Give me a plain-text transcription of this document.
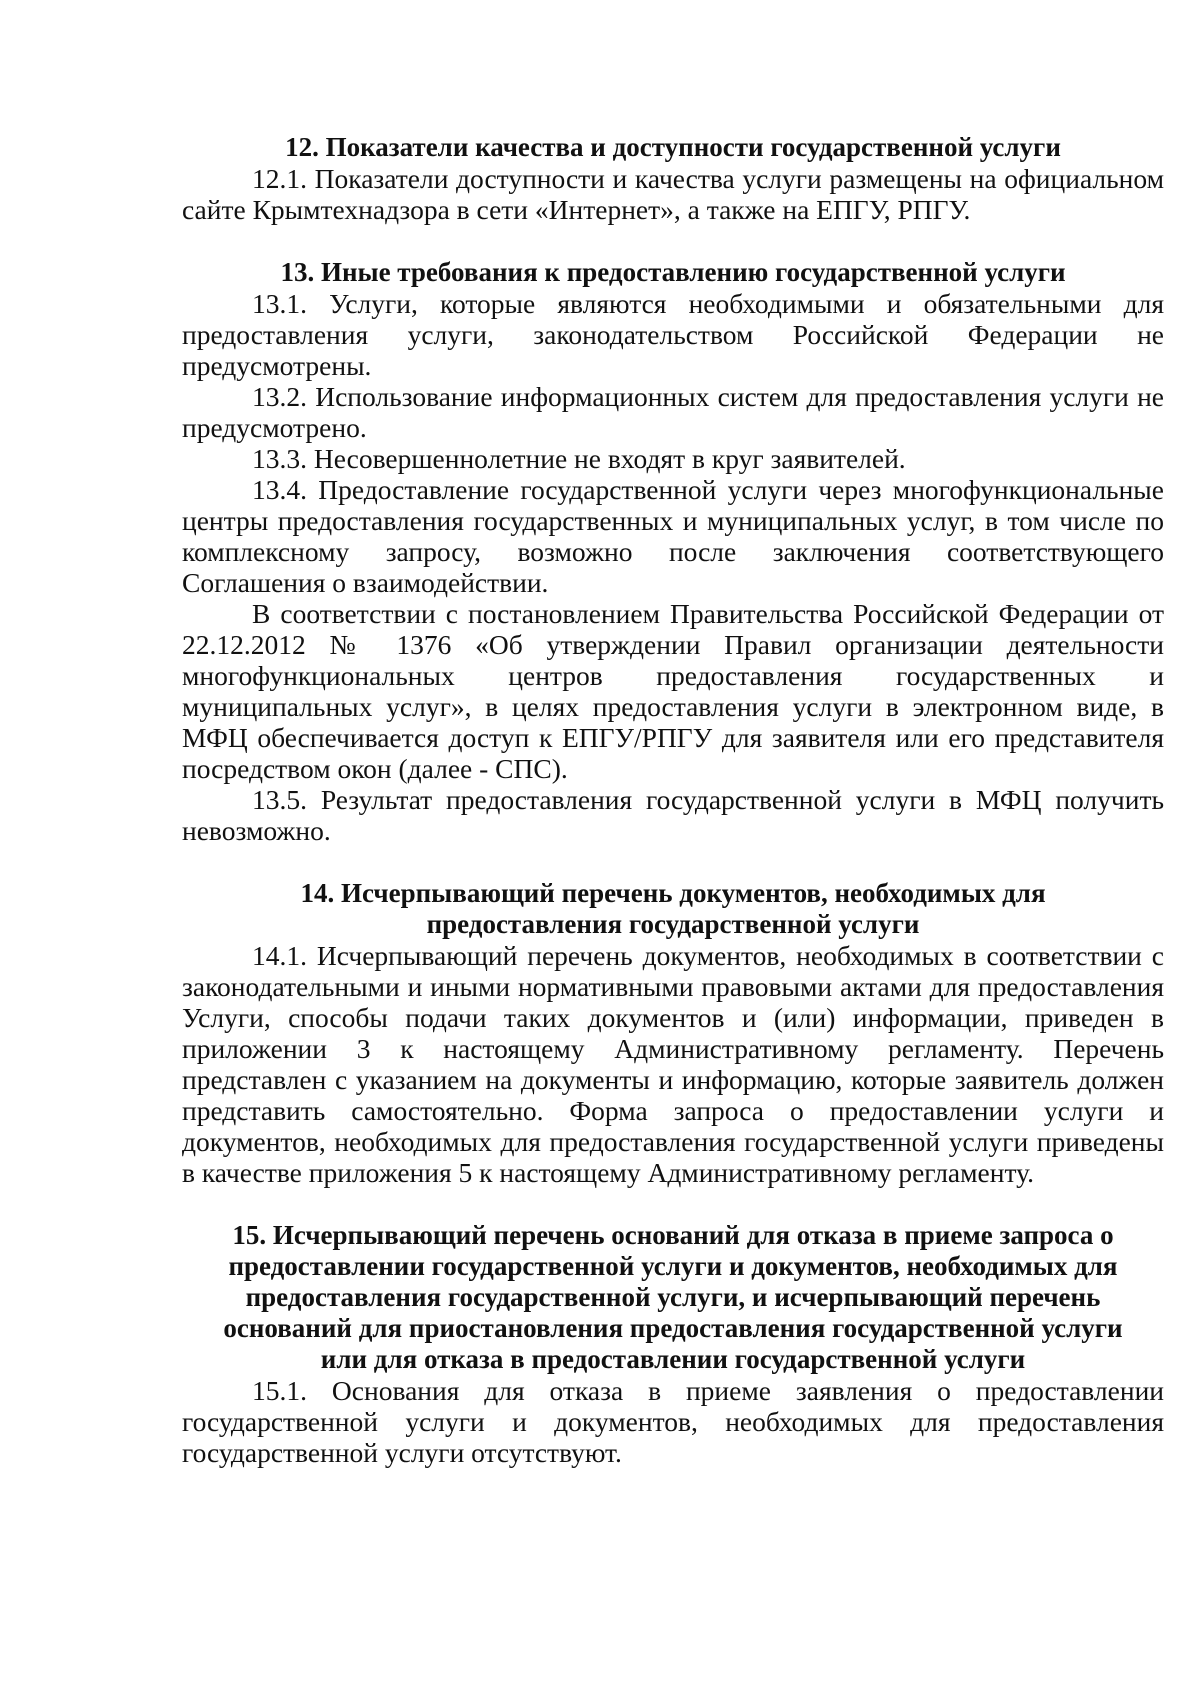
12. Показатели качества и доступности государственной услуги

12.1. Показатели доступности и качества услуги размещены на официальном сайте Крымтехнадзора в сети «Интернет», а также на ЕПГУ, РПГУ.

13. Иные требования к предоставлению государственной услуги

13.1. Услуги, которые являются необходимыми и обязательными для предоставления услуги, законодательством Российской Федерации не предусмотрены.

13.2. Использование информационных систем для предоставления услуги не предусмотрено.

13.3. Несовершеннолетние не входят в круг заявителей.

13.4. Предоставление государственной услуги через многофункциональные центры предоставления государственных и муниципальных услуг, в том числе по комплексному запросу, возможно после заключения соответствующего Соглашения о взаимодействии.

В соответствии с постановлением Правительства Российской Федерации от 22.12.2012 № 1376 «Об утверждении Правил организации деятельности многофункциональных центров предоставления государственных и муниципальных услуг», в целях предоставления услуги в электронном виде, в МФЦ обеспечивается доступ к ЕПГУ/РПГУ для заявителя или его представителя посредством окон (далее - СПС).

13.5. Результат предоставления государственной услуги в МФЦ получить невозможно.

14. Исчерпывающий перечень документов, необходимых для
предоставления государственной услуги

14.1. Исчерпывающий перечень документов, необходимых в соответствии с законодательными и иными нормативными правовыми актами для предоставления Услуги, способы подачи таких документов и (или) информации, приведен в приложении 3 к настоящему Административному регламенту. Перечень представлен с указанием на документы и информацию, которые заявитель должен представить самостоятельно. Форма запроса о предоставлении услуги и документов, необходимых для предоставления государственной услуги приведены в качестве приложения 5 к настоящему Административному регламенту.

15. Исчерпывающий перечень оснований для отказа в приеме запроса о
предоставлении государственной услуги и документов, необходимых для
предоставления государственной услуги, и исчерпывающий перечень
оснований для приостановления предоставления государственной услуги
или для отказа в предоставлении государственной услуги

15.1. Основания для отказа в приеме заявления о предоставлении государственной услуги и документов, необходимых для предоставления государственной услуги отсутствуют.
